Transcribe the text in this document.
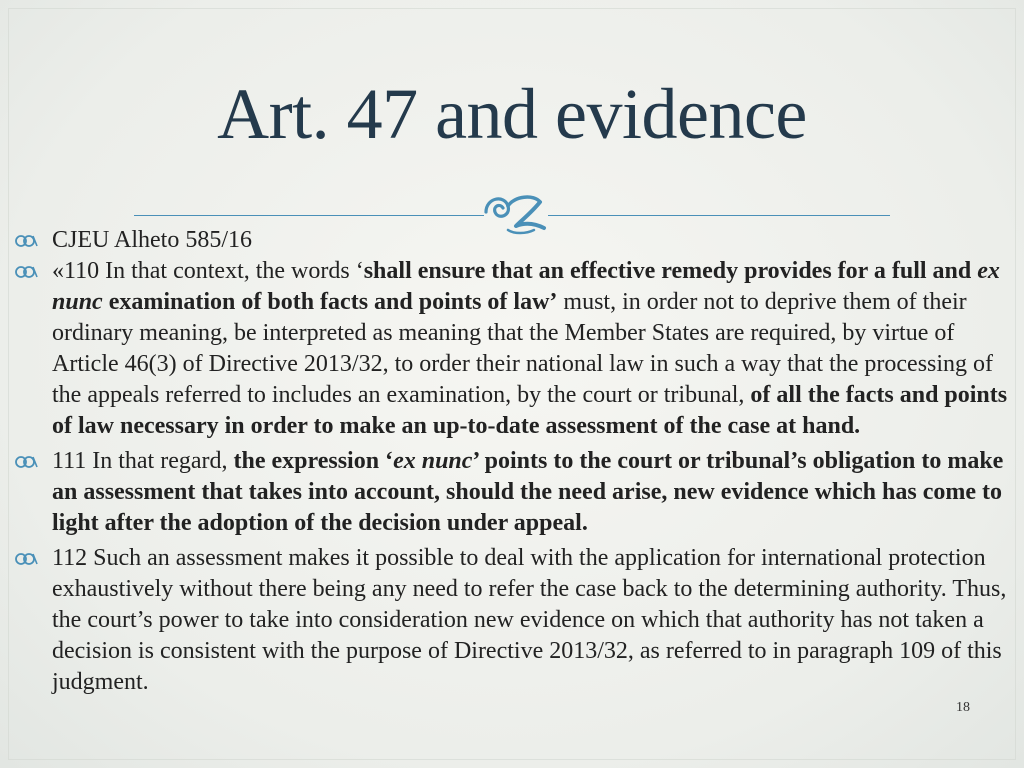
Art. 47 and evidence
CJEU Alheto 585/16
«110 In that context, the words ‘shall ensure that an effective remedy provides for a full and ex nunc examination of both facts and points of law’ must, in order not to deprive them of their ordinary meaning, be interpreted as meaning that the Member States are required, by virtue of Article 46(3) of Directive 2013/32, to order their national law in such a way that the processing of the appeals referred to includes an examination, by the court or tribunal, of all the facts and points of law necessary in order to make an up-to-date assessment of the case at hand.
111 In that regard, the expression ‘ex nunc’ points to the court or tribunal’s obligation to make an assessment that takes into account, should the need arise, new evidence which has come to light after the adoption of the decision under appeal.
112 Such an assessment makes it possible to deal with the application for international protection exhaustively without there being any need to refer the case back to the determining authority. Thus, the court’s power to take into consideration new evidence on which that authority has not taken a decision is consistent with the purpose of Directive 2013/32, as referred to in paragraph 109 of this judgment.
18
